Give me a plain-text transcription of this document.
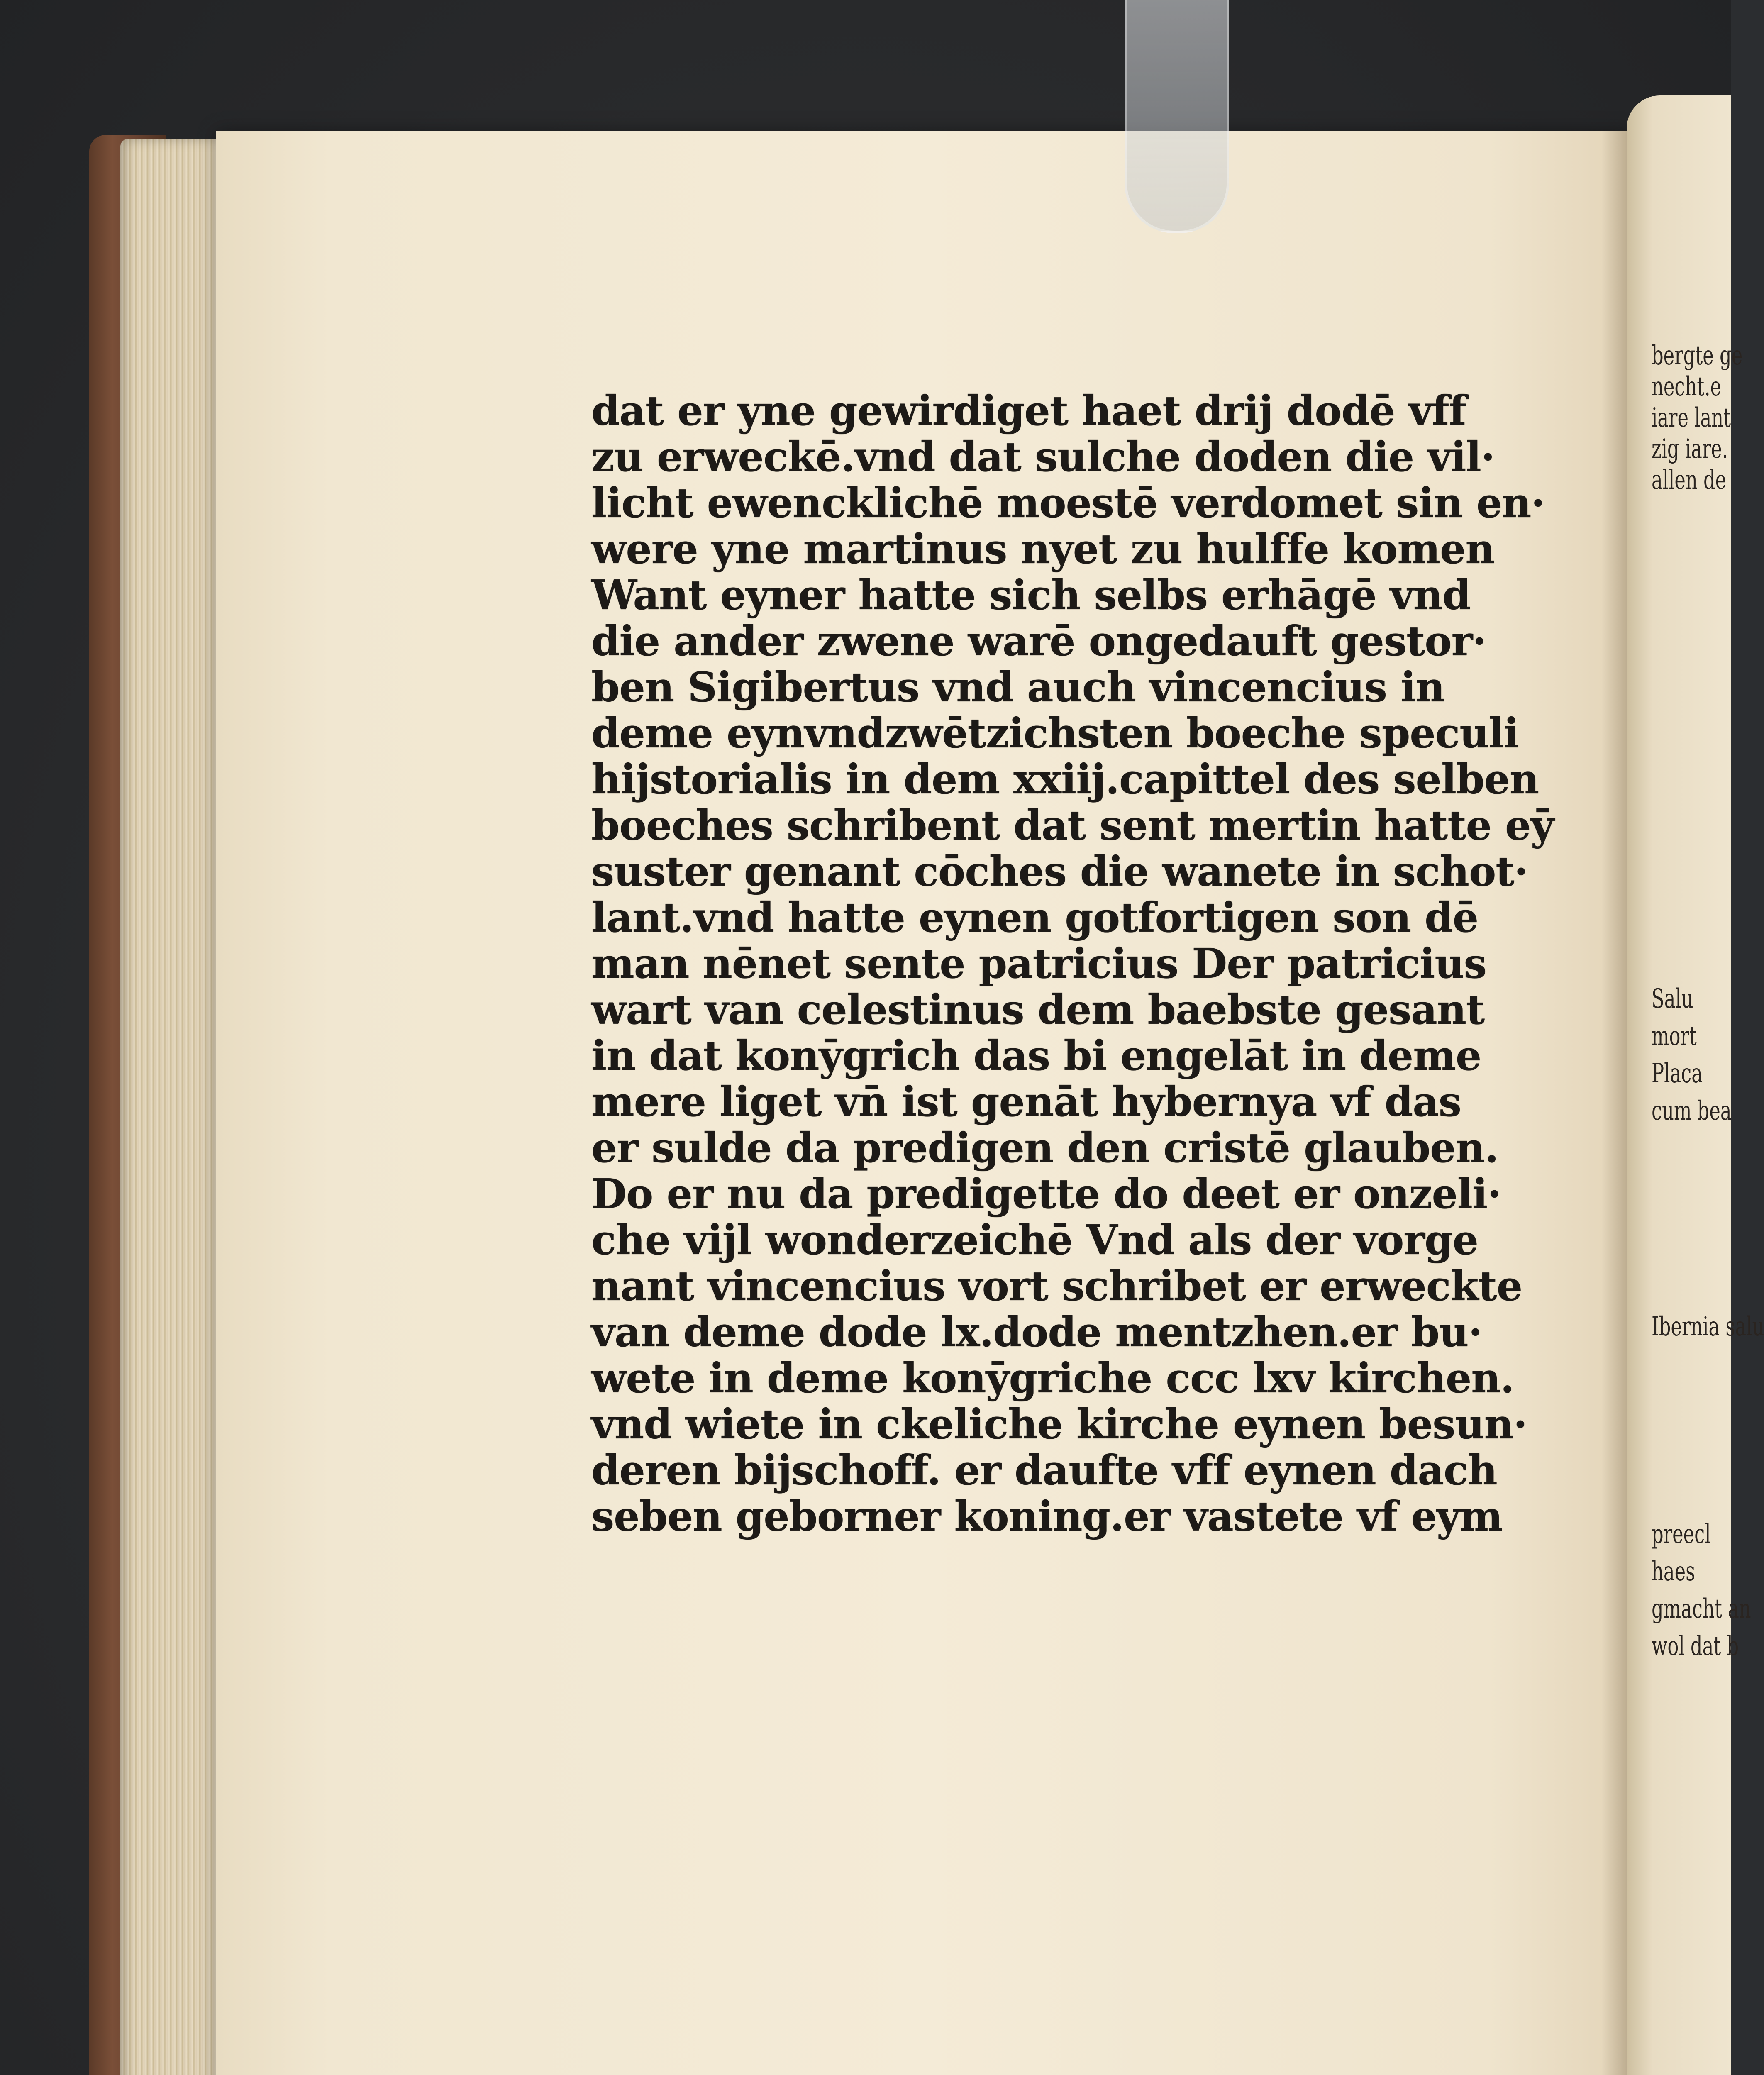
bergte ge
necht.e
iare lant
zig iare.
allen de
Salu
mort
Placa
cum bea
Ibernia salu
preecl
haes
gmacht an
wol dat b
dat er yne gewirdiget haet drij dodē vff
zu erweckē.vnd dat sulche doden die vil·
licht ewencklichē moestē verdomet sin en·
were yne martinus nyet zu hulffe komen
Want eyner hatte sich selbs erhāgē vnd
die ander zwene warē ongedauft gestor·
ben Sigibertus vnd auch vincencius in
deme eynvndzwētzichsten boeche speculi
hijstorialis in dem xxiij.capittel des selben
boeches schribent dat sent mertin hatte eȳ
suster genant cōches die wanete in schot·
lant.vnd hatte eynen gotfortigen son dē
man nēnet sente patricius Der patricius
wart van celestinus dem baebste gesant
in dat konȳgrich das bi engelāt in deme
mere liget vn̄ ist genāt hybernya vf das
er sulde da predigen den cristē glauben.
Do er nu da predigette do deet er onzeli·
che vijl wonderzeichē Vnd als der vorge
nant vincencius vort schribet er erweckte
van deme dode lx.dode mentzhen.er bu·
wete in deme konȳgriche ccc lxv kirchen.
vnd wiete in ckeliche kirche eynen besun·
deren bijschoff. er daufte vff eynen dach
seben geborner koning.er vastete vf eym
